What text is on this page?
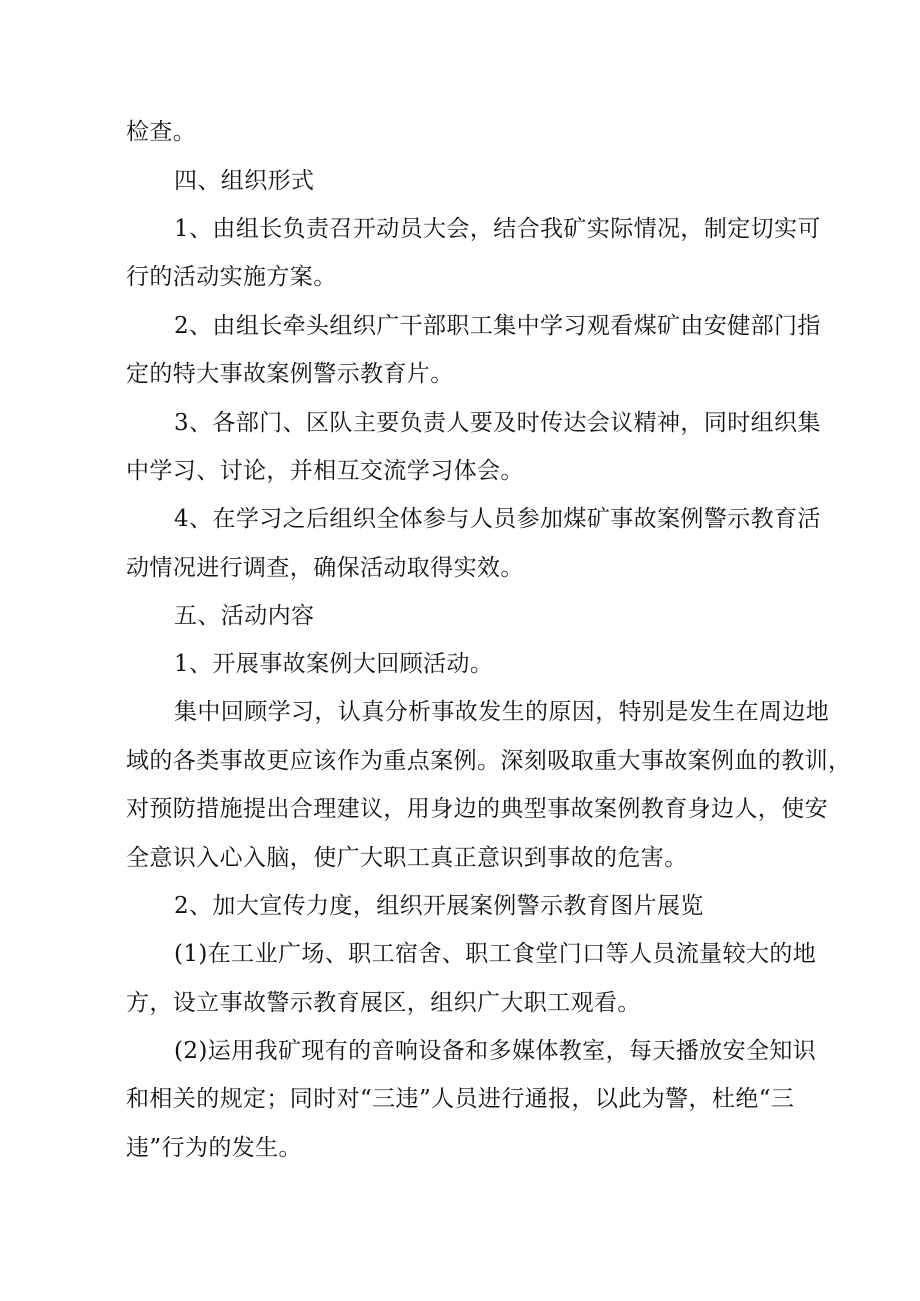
检查。
四、组织形式
1、由组长负责召开动员大会，结合我矿实际情况，制定切实可
行的活动实施方案。
2、由组长牵头组织广干部职工集中学习观看煤矿由安健部门指
定的特大事故案例警示教育片。
3、各部门、区队主要负责人要及时传达会议精神，同时组织集
中学习、讨论，并相互交流学习体会。
4、在学习之后组织全体参与人员参加煤矿事故案例警示教育活
动情况进行调查，确保活动取得实效。
五、活动内容
1、开展事故案例大回顾活动。
集中回顾学习，认真分析事故发生的原因，特别是发生在周边地
域的各类事故更应该作为重点案例。深刻吸取重大事故案例血的教训，
对预防措施提出合理建议，用身边的典型事故案例教育身边人，使安
全意识入心入脑，使广大职工真正意识到事故的危害。
2、加大宣传力度，组织开展案例警示教育图片展览
(1)在工业广场、职工宿舍、职工食堂门口等人员流量较大的地
方，设立事故警示教育展区，组织广大职工观看。
(2)运用我矿现有的音响设备和多媒体教室，每天播放安全知识
和相关的规定；同时对“三违”人员进行通报，以此为警，杜绝“三
违”行为的发生。
